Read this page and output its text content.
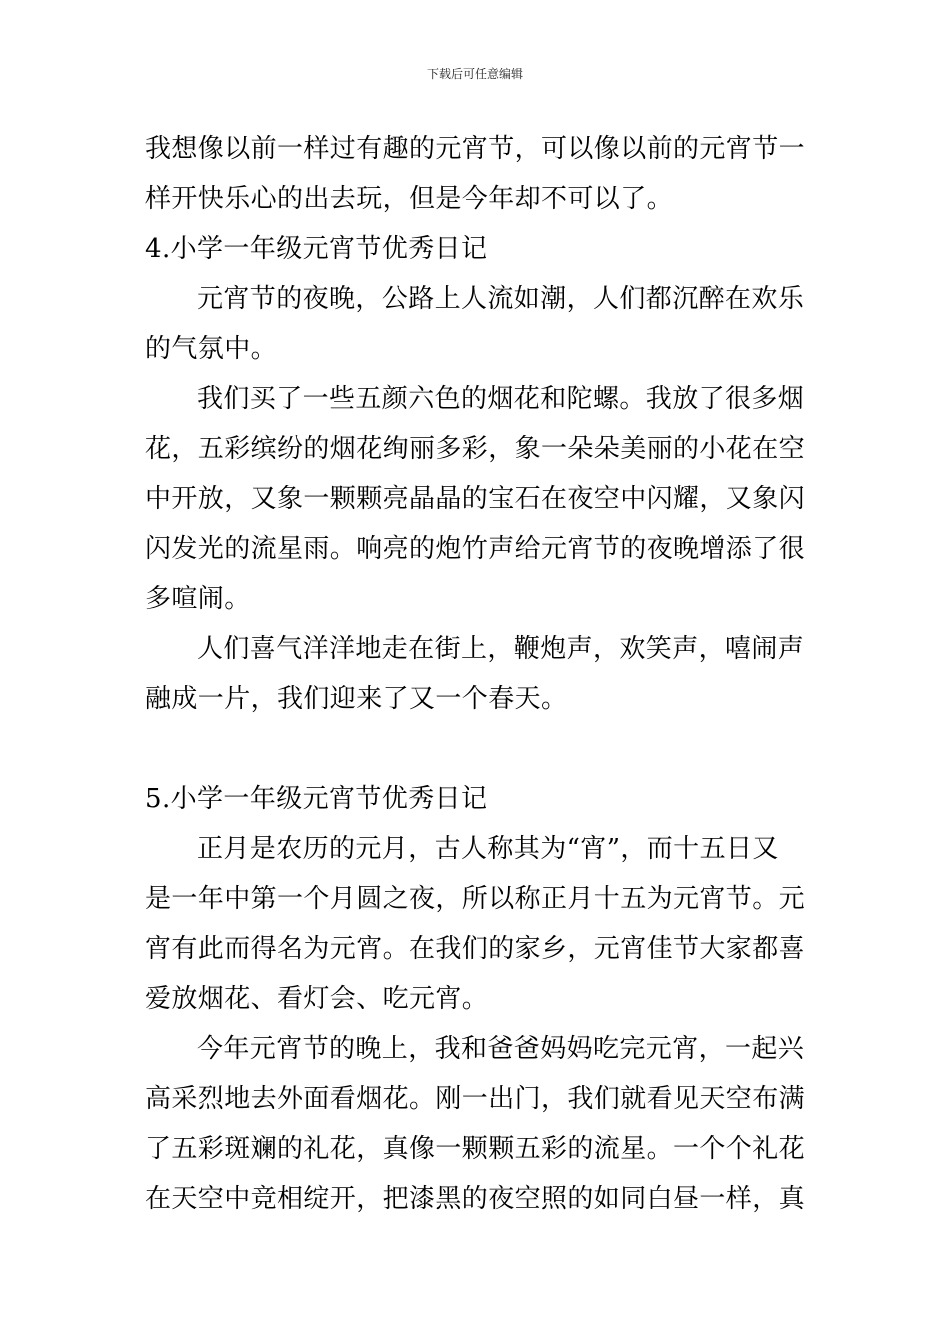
下载后可任意编辑
我想像以前一样过有趣的元宵节，可以像以前的元宵节一
样开快乐心的出去玩，但是今年却不可以了。
4.小学一年级元宵节优秀日记
元宵节的夜晚，公路上人流如潮，人们都沉醉在欢乐
的气氛中。
我们买了一些五颜六色的烟花和陀螺。我放了很多烟
花，五彩缤纷的烟花绚丽多彩，象一朵朵美丽的小花在空
中开放，又象一颗颗亮晶晶的宝石在夜空中闪耀，又象闪
闪发光的流星雨。响亮的炮竹声给元宵节的夜晚增添了很
多喧闹。
人们喜气洋洋地走在街上，鞭炮声，欢笑声，嘻闹声
融成一片，我们迎来了又一个春天。
5.小学一年级元宵节优秀日记
正月是农历的元月，古人称其为“宵”，而十五日又
是一年中第一个月圆之夜，所以称正月十五为元宵节。元
宵有此而得名为元宵。在我们的家乡，元宵佳节大家都喜
爱放烟花、看灯会、吃元宵。
今年元宵节的晚上，我和爸爸妈妈吃完元宵，一起兴
高采烈地去外面看烟花。刚一出门，我们就看见天空布满
了五彩斑斓的礼花，真像一颗颗五彩的流星。一个个礼花
在天空中竞相绽开，把漆黑的夜空照的如同白昼一样，真
